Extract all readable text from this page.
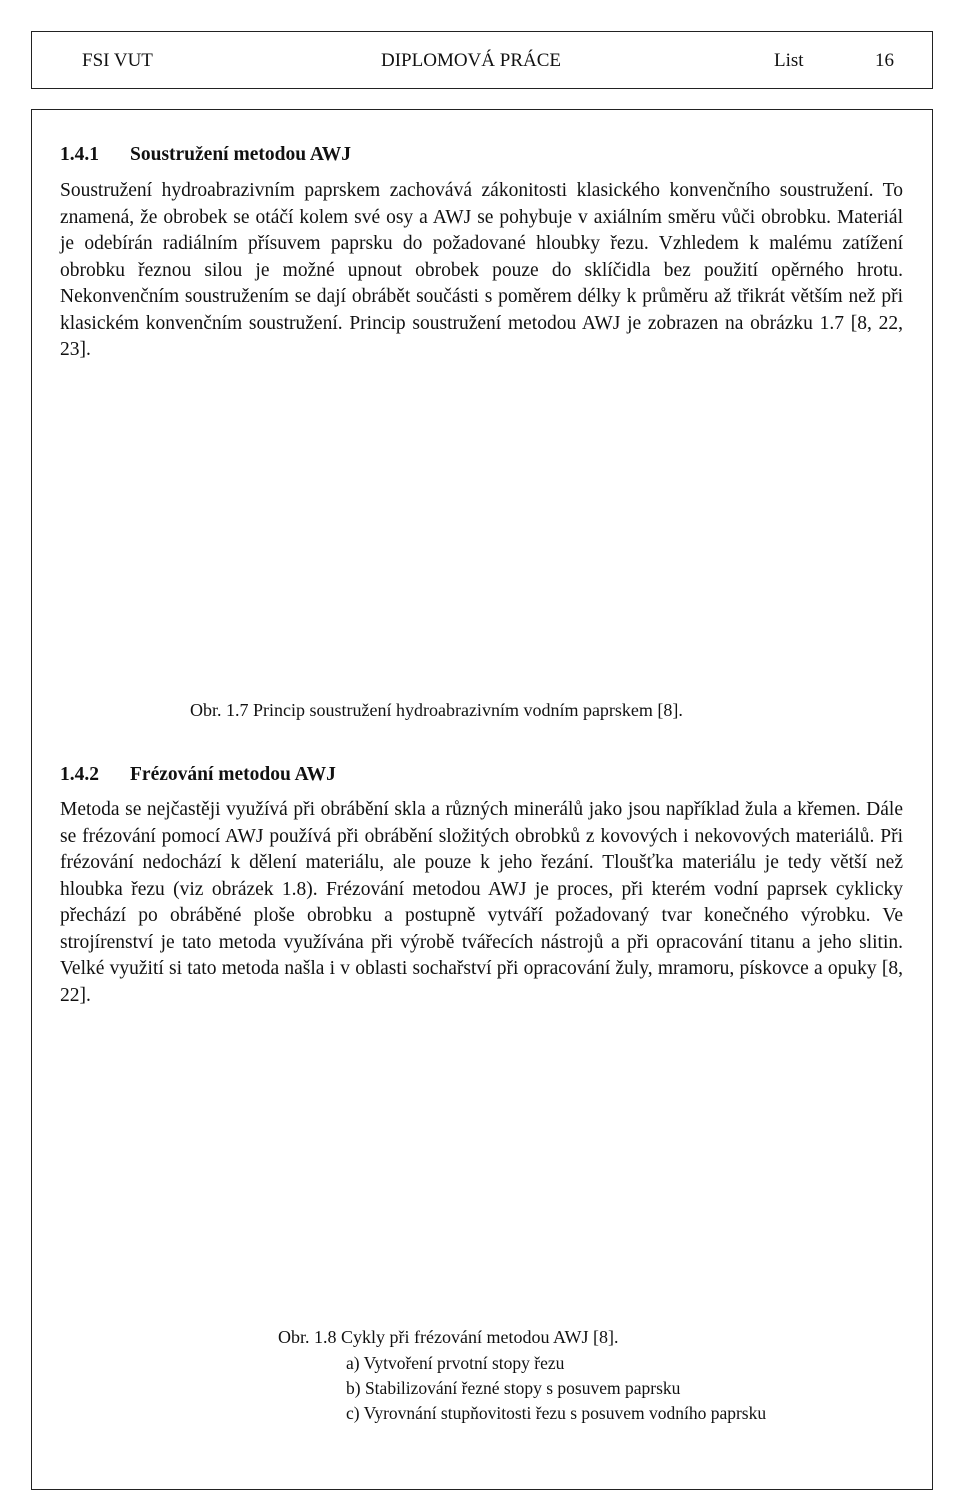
FSI VUT	DIPLOMOVÁ PRÁCE	List	16
1.4.1 Soustružení metodou AWJ

Soustružení hydroabrazivním paprskem zachovává zákonitosti klasického konvenčního soustružení. To znamená, že obrobek se otáčí kolem své osy a AWJ se pohybuje v axiálním směru vůči obrobku. Materiál je odebírán radiálním přísuvem paprsku do požadované hloubky řezu. Vzhledem k malému zatížení obrobku řeznou silou je možné upnout obrobek pouze do sklíčidla bez použití opěrného hrotu. Nekonvenčním soustružením se dají obrábět součásti s poměrem délky k průměru až třikrát větším než při klasickém konvenčním soustružení. Princip soustružení metodou AWJ je zobrazen na obrázku 1.7 [8, 22, 23].

Obr. 1.7 Princip soustružení hydroabrazivním vodním paprskem [8].
1.4.2 Frézování metodou AWJ

Metoda se nejčastěji využívá při obrábění skla a různých minerálů jako jsou například žula a křemen. Dále se frézování pomocí AWJ používá při obrábění složitých obrobků z kovových i nekovových materiálů. Při frézování nedochází k dělení materiálu, ale pouze k jeho řezání. Tloušťka materiálu je tedy větší než hloubka řezu (viz obrázek 1.8). Frézování metodou AWJ je proces, při kterém vodní paprsek cyklicky přechází po obráběné ploše obrobku a postupně vytváří požadovaný tvar konečného výrobku. Ve strojírenství je tato metoda využívána při výrobě tvářecích nástrojů a při opracování titanu a jeho slitin. Velké využití si tato metoda našla i v oblasti sochařství při opracování žuly, mramoru, pískovce a opuky [8, 22].

Obr. 1.8 Cykly při frézování metodou AWJ [8].
a) Vytvoření prvotní stopy řezu
b) Stabilizování řezné stopy s posuvem paprsku
c) Vyrovnání stupňovitosti řezu s posuvem vodního paprsku
